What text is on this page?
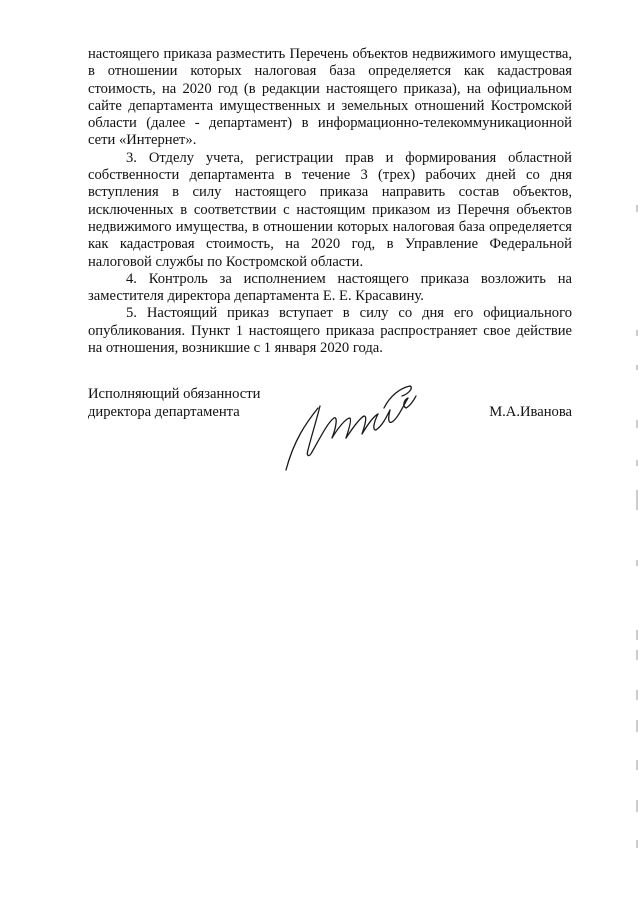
настоящего приказа разместить Перечень объектов недвижимого имущества, в отношении которых налоговая база определяется как кадастровая стоимость, на 2020 год (в редакции настоящего приказа), на официальном сайте департамента имущественных и земельных отношений Костромской области (далее - департамент) в информационно-телекоммуникационной сети «Интернет».

3. Отделу учета, регистрации прав и формирования областной собственности департамента в течение 3 (трех) рабочих дней со дня вступления в силу настоящего приказа направить состав объектов, исключенных в соответствии с настоящим приказом из Перечня объектов недвижимого имущества, в отношении которых налоговая база определяется как кадастровая стоимость, на 2020 год, в Управление Федеральной налоговой службы по Костромской области.

4. Контроль за исполнением настоящего приказа возложить на заместителя директора департамента Е. Е. Красавину.

5. Настоящий приказ вступает в силу со дня его официального опубликования. Пункт 1 настоящего приказа распространяет свое действие на отношения, возникшие с 1 января 2020 года.

Исполняющий обязанности
директора департамента	М.А.Иванова
